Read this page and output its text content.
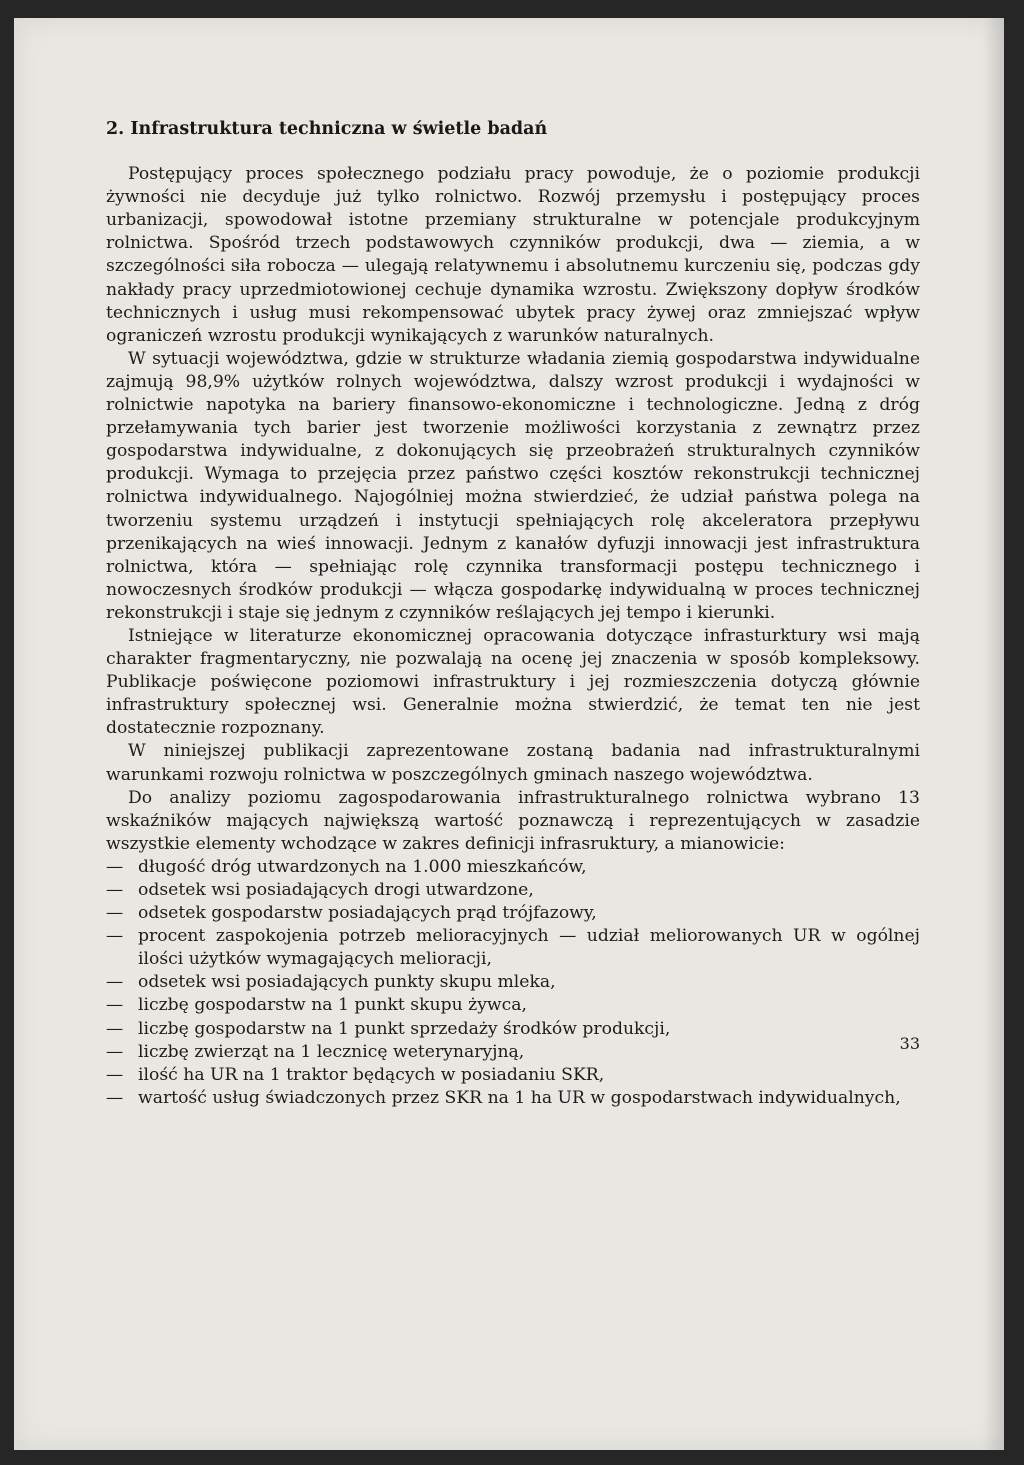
2. Infrastruktura techniczna w świetle badań

Postępujący proces społecznego podziału pracy powoduje, że o poziomie produkcji żywności nie decyduje już tylko rolnictwo. Rozwój przemysłu i postępujący proces urbanizacji, spowodował istotne przemiany strukturalne w potencjale produkcyjnym rolnictwa. Spośród trzech podstawowych czynników produkcji, dwa — ziemia, a w szczególności siła robocza — ulegają relatywnemu i absolutnemu kurczeniu się, podczas gdy nakłady pracy uprzedmiotowionej cechuje dynamika wzrostu. Zwiększony dopływ środków technicznych i usług musi rekompensować ubytek pracy żywej oraz zmniejszać wpływ ograniczeń wzrostu produkcji wynikających z warunków naturalnych.

W sytuacji województwa, gdzie w strukturze władania ziemią gospodarstwa indywidualne zajmują 98,9% użytków rolnych województwa, dalszy wzrost produkcji i wydajności w rolnictwie napotyka na bariery finansowo-ekonomiczne i technologiczne. Jedną z dróg przełamywania tych barier jest tworzenie możliwości korzystania z zewnątrz przez gospodarstwa indywidualne, z dokonujących się przeobrażeń strukturalnych czynników produkcji. Wymaga to przejęcia przez państwo części kosztów rekonstrukcji technicznej rolnictwa indywidualnego. Najogólniej można stwierdzieć, że udział państwa polega na tworzeniu systemu urządzeń i instytucji spełniających rolę akceleratora przepływu przenikających na wieś innowacji. Jednym z kanałów dyfuzji innowacji jest infrastruktura rolnictwa, która — spełniając rolę czynnika transformacji postępu technicznego i nowoczesnych środków produkcji — włącza gospodarkę indywidualną w proces technicznej rekonstrukcji i staje się jednym z czynników reślających jej tempo i kierunki.

Istniejące w literaturze ekonomicznej opracowania dotyczące infrasturktury wsi mają charakter fragmentaryczny, nie pozwalają na ocenę jej znaczenia w sposób kompleksowy. Publikacje poświęcone poziomowi infrastruktury i jej rozmieszczenia dotyczą głównie infrastruktury społecznej wsi. Generalnie można stwierdzić, że temat ten nie jest dostatecznie rozpoznany.

W niniejszej publikacji zaprezentowane zostaną badania nad infrastrukturalnymi warunkami rozwoju rolnictwa w poszczególnych gminach naszego województwa.

Do analizy poziomu zagospodarowania infrastrukturalnego rolnictwa wybrano 13 wskaźników mających największą wartość poznawczą i reprezentujących w zasadzie wszystkie elementy wchodzące w zakres definicji infrasruktury, a mianowicie:

— długość dróg utwardzonych na 1.000 mieszkańców,
— odsetek wsi posiadających drogi utwardzone,
— odsetek gospodarstw posiadających prąd trójfazowy,
— procent zaspokojenia potrzeb melioracyjnych — udział meliorowanych UR w ogólnej ilości użytków wymagających melioracji,
— odsetek wsi posiadających punkty skupu mleka,
— liczbę gospodarstw na 1 punkt skupu żywca,
— liczbę gospodarstw na 1 punkt sprzedaży środków produkcji,
— liczbę zwierząt na 1 lecznicę weterynaryjną,
— ilość ha UR na 1 traktor będących w posiadaniu SKR,
— wartość usług świadczonych przez SKR na 1 ha UR w gospodarstwach indywidualnych,
33
